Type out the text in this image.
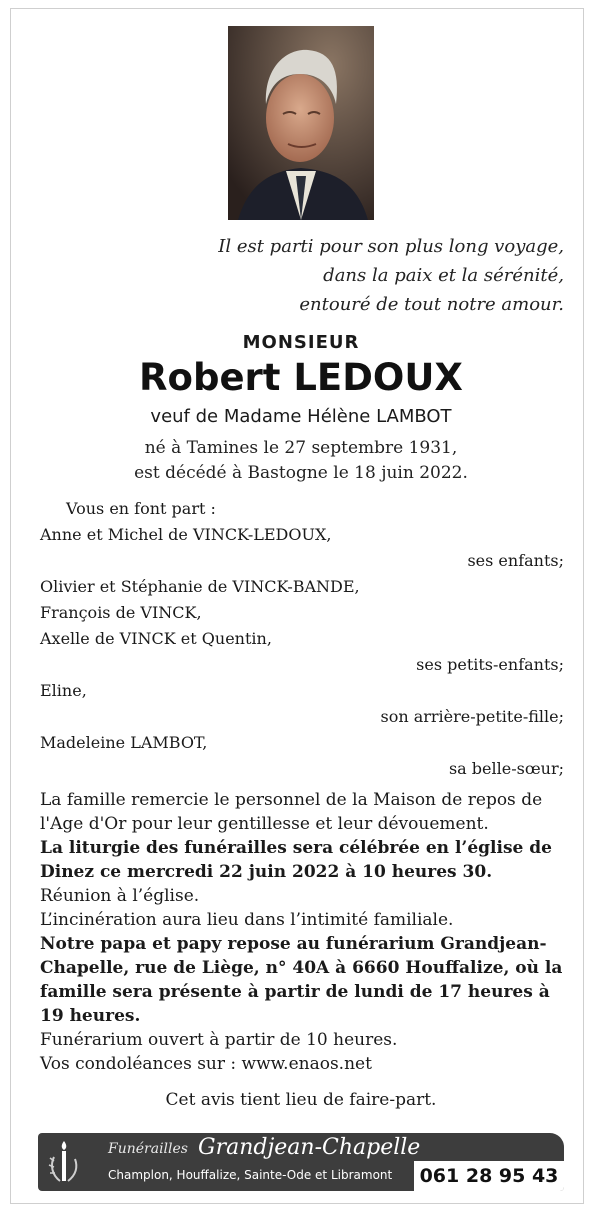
Il est parti pour son plus long voyage,
dans la paix et la sérénité,
entouré de tout notre amour.
MONSIEUR
Robert LEDOUX
veuf de Madame Hélène LAMBOT
né à Tamines le 27 septembre 1931,
est décédé à Bastogne le 18 juin 2022.
Vous en font part :
Anne et Michel de VINCK-LEDOUX,
ses enfants;
Olivier et Stéphanie de VINCK-BANDE,
François de VINCK,
Axelle de VINCK et Quentin,
ses petits-enfants;
Eline,
son arrière-petite-fille;
Madeleine LAMBOT,
sa belle-sœur;

La famille remercie le personnel de la Maison de repos de l'Age d'Or pour leur gentillesse et leur dévouement.

La liturgie des funérailles sera célébrée en l’église de Dinez ce mercredi 22 juin 2022 à 10 heures 30.

Réunion à l’église.

L’incinération aura lieu dans l’intimité familiale.

Notre papa et papy repose au funérarium Grandjean-Chapelle, rue de Liège, n° 40A à 6660 Houffalize, où la famille sera présente à partir de lundi de 17 heures à 19 heures.

Funérarium ouvert à partir de 10 heures.

Vos condoléances sur : www.enaos.net

Cet avis tient lieu de faire-part.
Funérailles Grandjean-Chapelle
Champlon, Houffalize, Sainte-Ode et Libramont 061 28 95 43
